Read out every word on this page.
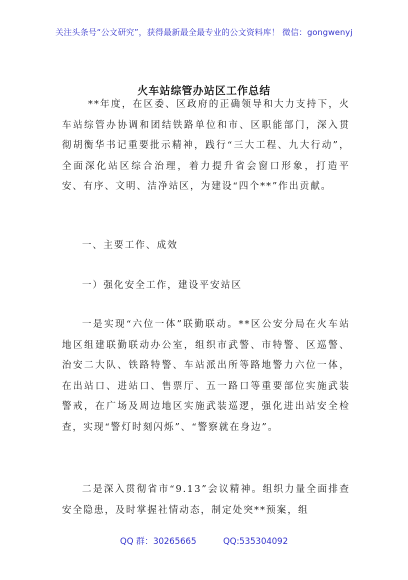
关注头条号“公文研究”，获得最新最全最专业的公文资料库！ 微信：gongwenyj
火车站综管办站区工作总结
**年度，在区委、区政府的正确领导和大力支持下，火车站综管办协调和团结铁路单位和市、区职能部门，深入贯彻胡衡华书记重要批示精神，践行“三大工程、九大行动”，全面深化站区综合治理，着力提升省会窗口形象，打造平安、有序、文明、洁净站区，为建设“四个**”作出贡献。
一、主要工作、成效
一）强化安全工作，建设平安站区
一是实现“六位一体”联勤联动。**区公安分局在火车站地区组建联勤联动办公室，组织市武警、市特警、区巡警、治安二大队、铁路特警、车站派出所等路地警力六位一体，在出站口、进站口、售票厅、五一路口等重要部位实施武装警戒，在广场及周边地区实施武装巡逻，强化进出站安全检查，实现“警灯时刻闪烁”、“警察就在身边”。
二是深入贯彻省市“9.13”会议精神。组织力量全面排查安全隐患，及时掌握社情动态，制定处突**预案，组
QQ 群：30265665	QQ:535304092
